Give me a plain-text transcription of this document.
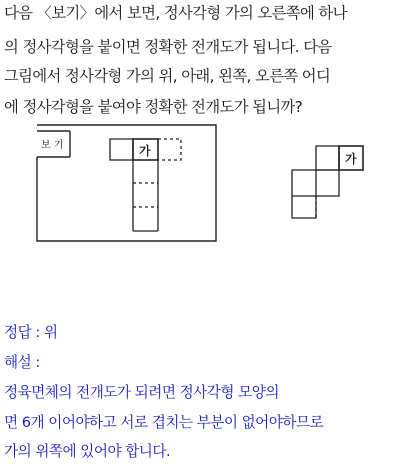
다음 〈보기〉에서 보면, 정사각형 가의 오른쪽에 하나
의 정사각형을 붙이면 정확한 전개도가 됩니다. 다음
그림에서 정사각형 가의 위, 아래, 왼쪽, 오른쪽 어디
에 정사각형을 붙여야 정확한 전개도가 됩니까?
보 기	가
가
정답 : 위
해설 :
정육면체의 전개도가 되려면 정사각형 모양의
면 6개 이어야하고 서로 겹치는 부분이 없어야하므로
가의 위쪽에 있어야 합니다.
